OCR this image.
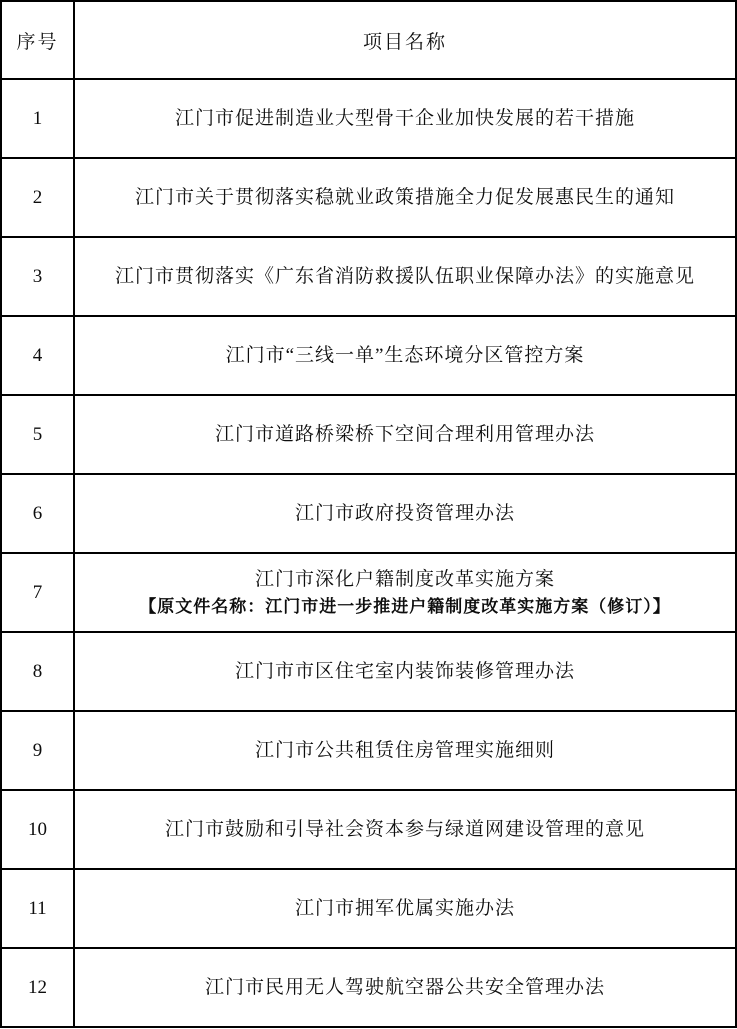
序号	项目名称
1	江门市促进制造业大型骨干企业加快发展的若干措施

2	江门市关于贯彻落实稳就业政策措施全力促发展惠民生的通知

3	江门市贯彻落实《广东省消防救援队伍职业保障办法》的实施意见

4	江门市“三线一单”生态环境分区管控方案

5	江门市道路桥梁桥下空间合理利用管理办法

6	江门市政府投资管理办法

7	江门市深化户籍制度改革实施方案
【原文件名称：江门市进一步推进户籍制度改革实施方案（修订）】

8	江门市市区住宅室内装饰装修管理办法

9	江门市公共租赁住房管理实施细则

10	江门市鼓励和引导社会资本参与绿道网建设管理的意见

11	江门市拥军优属实施办法

12	江门市民用无人驾驶航空器公共安全管理办法
